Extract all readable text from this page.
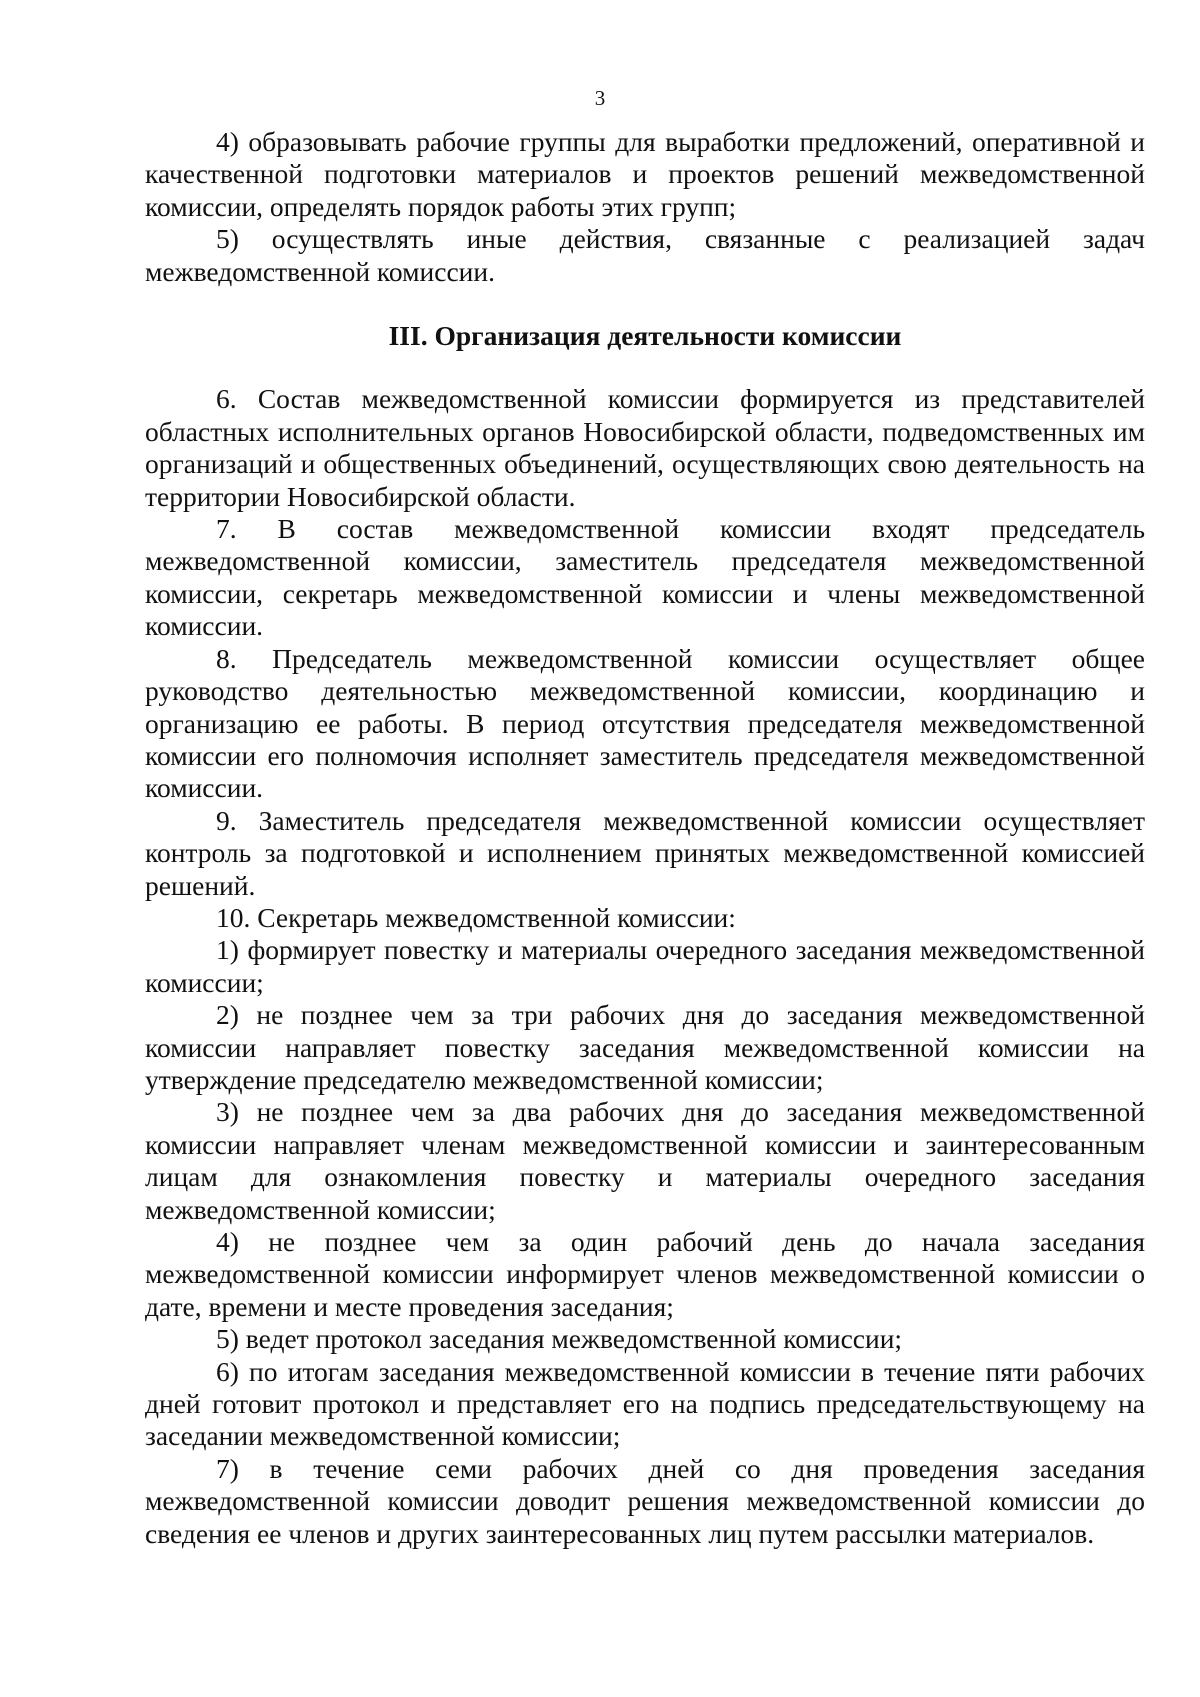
3

4) образовывать рабочие группы для выработки предложений, оперативной и качественной подготовки материалов и проектов решений межведомственной комиссии, определять порядок работы этих групп;

5) осуществлять иные действия, связанные с реализацией задач межведомственной комиссии.

III. Организация деятельности комиссии

6. Состав межведомственной комиссии формируется из представителей областных исполнительных органов Новосибирской области, подведомственных им организаций и общественных объединений, осуществляющих свою деятельность на территории Новосибирской области.

7. В состав межведомственной комиссии входят председатель межведомственной комиссии, заместитель председателя межведомственной комиссии, секретарь межведомственной комиссии и члены межведомственной комиссии.

8. Председатель межведомственной комиссии осуществляет общее руководство деятельностью межведомственной комиссии, координацию и организацию ее работы. В период отсутствия председателя межведомственной комиссии его полномочия исполняет заместитель председателя межведомственной комиссии.

9. Заместитель председателя межведомственной комиссии осуществляет контроль за подготовкой и исполнением принятых межведомственной комиссией решений.

10. Секретарь межведомственной комиссии:

1) формирует повестку и материалы очередного заседания межведомственной комиссии;

2) не позднее чем за три рабочих дня до заседания межведомственной комиссии направляет повестку заседания межведомственной комиссии на утверждение председателю межведомственной комиссии;

3) не позднее чем за два рабочих дня до заседания межведомственной комиссии направляет членам межведомственной комиссии и заинтересованным лицам для ознакомления повестку и материалы очередного заседания межведомственной комиссии;

4) не позднее чем за один рабочий день до начала заседания межведомственной комиссии информирует членов межведомственной комиссии о дате, времени и месте проведения заседания;

5) ведет протокол заседания межведомственной комиссии;

6) по итогам заседания межведомственной комиссии в течение пяти рабочих дней готовит протокол и представляет его на подпись председательствующему на заседании межведомственной комиссии;

7) в течение семи рабочих дней со дня проведения заседания межведомственной комиссии доводит решения межведомственной комиссии до сведения ее членов и других заинтересованных лиц путем рассылки материалов.
